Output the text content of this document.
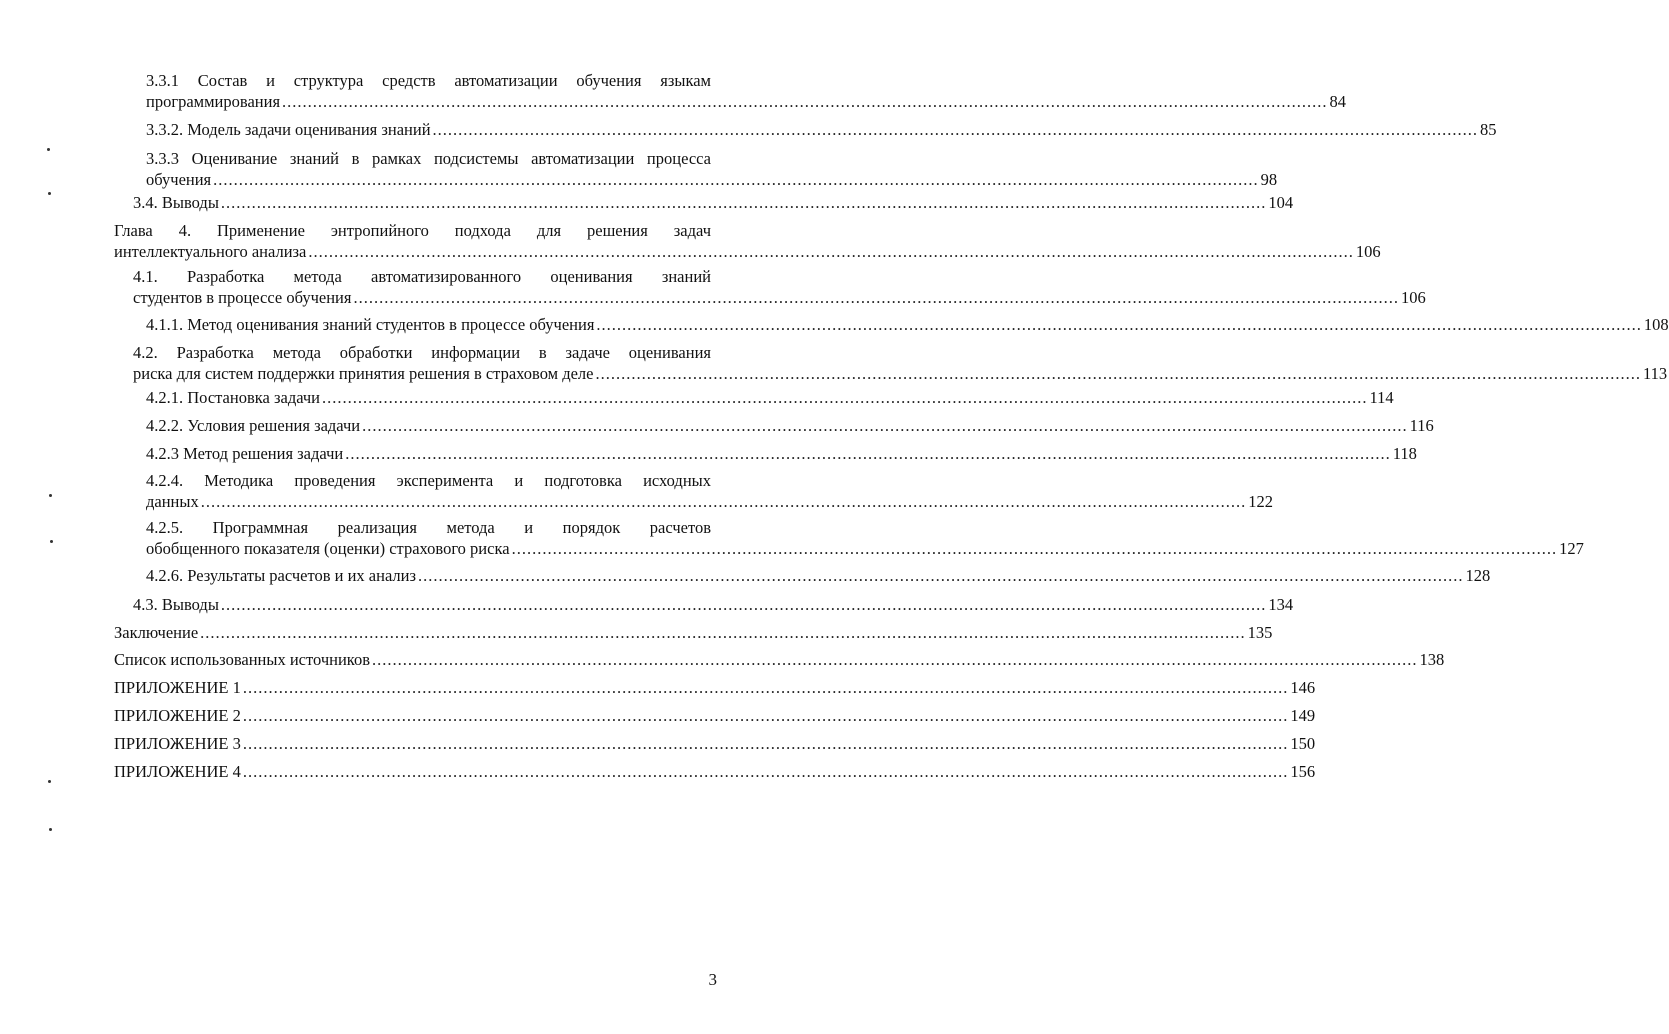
3.3.1 Состав и структура средств автоматизации обучения языкам
программирования ............................................................................................................................................................................................................ 84
3.3.2. Модель задачи оценивания знаний ............................................................................................................................................................................................................ 85
3.3.3 Оценивание знаний в рамках подсистемы автоматизации процесса
обучения ............................................................................................................................................................................................................ 98
3.4. Выводы ............................................................................................................................................................................................................ 104
Глава 4. Применение энтропийного подхода для решения задач
интеллектуального анализа ............................................................................................................................................................................................................ 106
4.1. Разработка метода автоматизированного оценивания знаний
студентов в процессе обучения ............................................................................................................................................................................................................ 106
4.1.1. Метод оценивания знаний студентов в процессе обучения ............................................................................................................................................................................................................ 108
4.2. Разработка метода обработки информации в задаче оценивания
риска для систем поддержки принятия решения в страховом деле ............................................................................................................................................................................................................ 113
4.2.1. Постановка задачи ............................................................................................................................................................................................................ 114
4.2.2. Условия решения задачи ............................................................................................................................................................................................................ 116
4.2.3 Метод решения задачи ............................................................................................................................................................................................................ 118
4.2.4. Методика проведения эксперимента и подготовка исходных
данных ............................................................................................................................................................................................................ 122
4.2.5. Программная реализация метода и порядок расчетов
обобщенного показателя (оценки) страхового риска ............................................................................................................................................................................................................ 127
4.2.6. Результаты расчетов и их анализ ............................................................................................................................................................................................................ 128
4.3. Выводы ............................................................................................................................................................................................................ 134
Заключение ............................................................................................................................................................................................................ 135
Список использованных источников ............................................................................................................................................................................................................ 138
ПРИЛОЖЕНИЕ 1 ............................................................................................................................................................................................................ 146
ПРИЛОЖЕНИЕ 2 ............................................................................................................................................................................................................ 149
ПРИЛОЖЕНИЕ 3 ............................................................................................................................................................................................................ 150
ПРИЛОЖЕНИЕ 4 ............................................................................................................................................................................................................ 156
3
